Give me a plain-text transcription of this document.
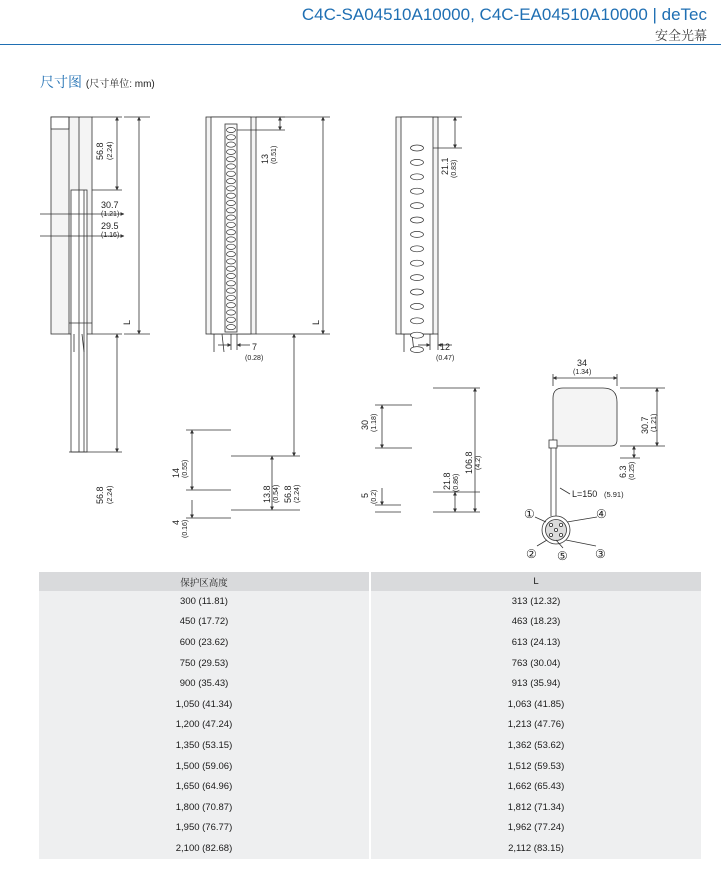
C4C-SA04510A10000, C4C-EA04510A10000 | deTec
安全光幕
尺寸图 (尺寸单位: mm)
56.8 (2.24)
30.7
(1.21)
29.5
(1.16)
L
56.8 (2.24)
13 (0.51)
L
14 (0.55)
13.8 (0.54) 56.8 (2.24)
4 (0.16)
7
(0.28)
21.1 (0.83)
30 (1.18)
5 (0.2)
21.8 (0.86)
106.8 (4.2)
12
(0.47)	34
(1.34)
30.7 (1.21)
6.3 (0.25)
L=150 (5.91)
①	④
② ⑤ ③
保护区高度	L
300 (11.81)	313 (12.32)
450 (17.72)	463 (18.23)
600 (23.62)	613 (24.13)
750 (29.53)	763 (30.04)
900 (35.43)	913 (35.94)
1,050 (41.34)	1,063 (41.85)
1,200 (47.24)	1,213 (47.76)
1,350 (53.15)	1,362 (53.62)
1,500 (59.06)	1,512 (59.53)
1,650 (64.96)	1,662 (65.43)
1,800 (70.87)	1,812 (71.34)
1,950 (76.77)	1,962 (77.24)
2,100 (82.68)	2,112 (83.15)
